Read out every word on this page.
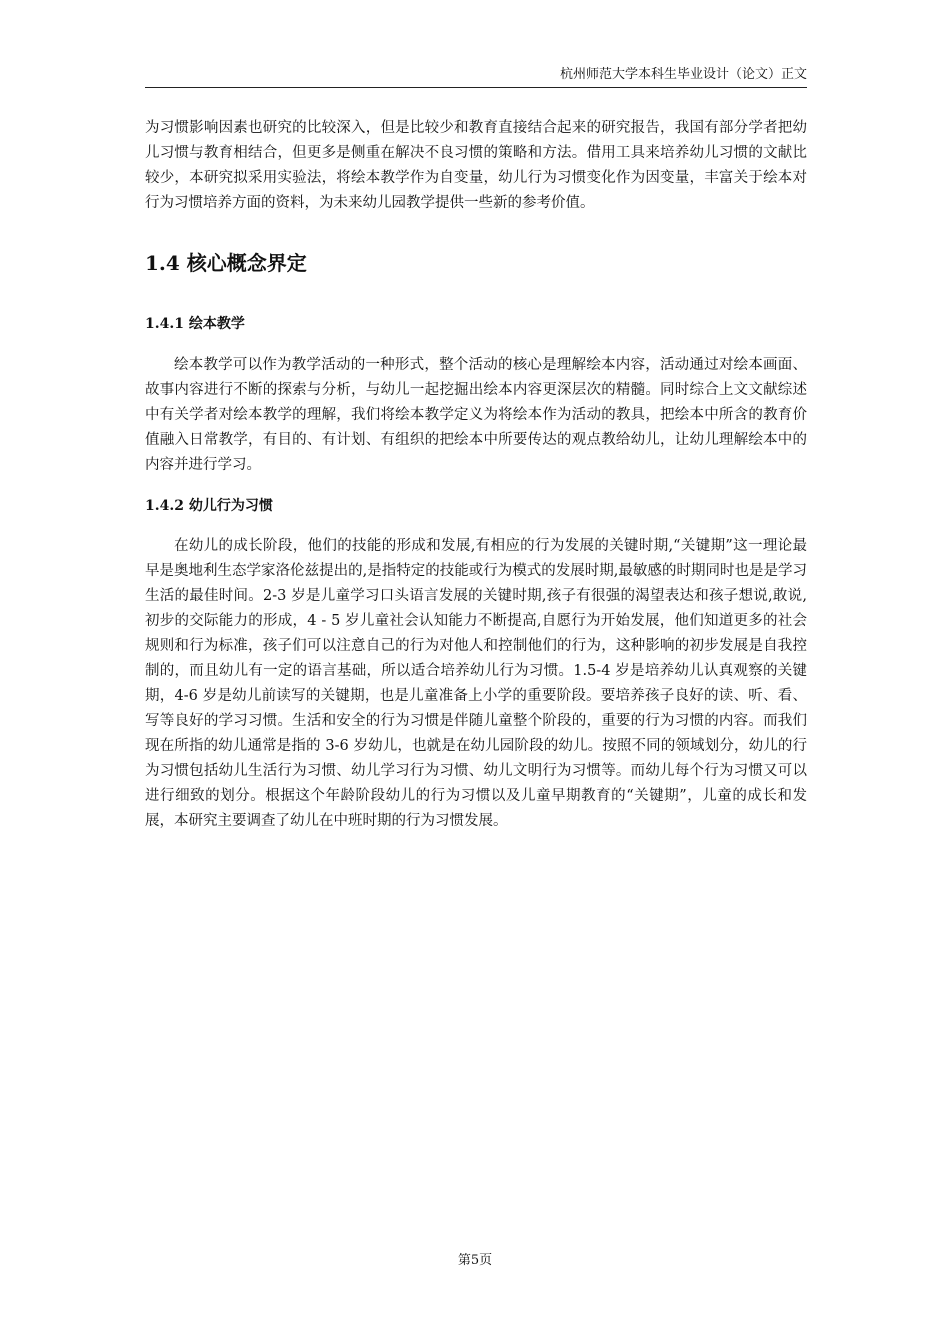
杭州师范大学本科生毕业设计（论文）正文

为习惯影响因素也研究的比较深入，但是比较少和教育直接结合起来的研究报告，我国有部分学者把幼儿习惯与教育相结合，但更多是侧重在解决不良习惯的策略和方法。借用工具来培养幼儿习惯的文献比较少，本研究拟采用实验法，将绘本教学作为自变量，幼儿行为习惯变化作为因变量，丰富关于绘本对行为习惯培养方面的资料，为未来幼儿园教学提供一些新的参考价值。

1.4 核心概念界定
1.4.1 绘本教学

绘本教学可以作为教学活动的一种形式，整个活动的核心是理解绘本内容，活动通过对绘本画面、故事内容进行不断的探索与分析，与幼儿一起挖掘出绘本内容更深层次的精髓。同时综合上文文献综述中有关学者对绘本教学的理解，我们将绘本教学定义为将绘本作为活动的教具，把绘本中所含的教育价值融入日常教学，有目的、有计划、有组织的把绘本中所要传达的观点教给幼儿，让幼儿理解绘本中的内容并进行学习。

1.4.2 幼儿行为习惯

在幼儿的成长阶段，他们的技能的形成和发展,有相应的行为发展的关键时期,“关键期”这一理论最早是奥地利生态学家洛伦兹提出的,是指特定的技能或行为模式的发展时期,最敏感的时期同时也是是学习生活的最佳时间。2-3 岁是儿童学习口头语言发展的关键时期,孩子有很强的渴望表达和孩子想说,敢说,初步的交际能力的形成，4 - 5 岁儿童社会认知能力不断提高,自愿行为开始发展，他们知道更多的社会规则和行为标准，孩子们可以注意自己的行为对他人和控制他们的行为，这种影响的初步发展是自我控制的，而且幼儿有一定的语言基础，所以适合培养幼儿行为习惯。1.5-4 岁是培养幼儿认真观察的关键期，4-6 岁是幼儿前读写的关键期，也是儿童准备上小学的重要阶段。要培养孩子良好的读、听、看、写等良好的学习习惯。生活和安全的行为习惯是伴随儿童整个阶段的，重要的行为习惯的内容。而我们现在所指的幼儿通常是指的 3-6 岁幼儿，也就是在幼儿园阶段的幼儿。按照不同的领域划分，幼儿的行为习惯包括幼儿生活行为习惯、幼儿学习行为习惯、幼儿文明行为习惯等。而幼儿每个行为习惯又可以进行细致的划分。根据这个年龄阶段幼儿的行为习惯以及儿童早期教育的“关键期”，儿童的成长和发展，本研究主要调查了幼儿在中班时期的行为习惯发展。

第5页
